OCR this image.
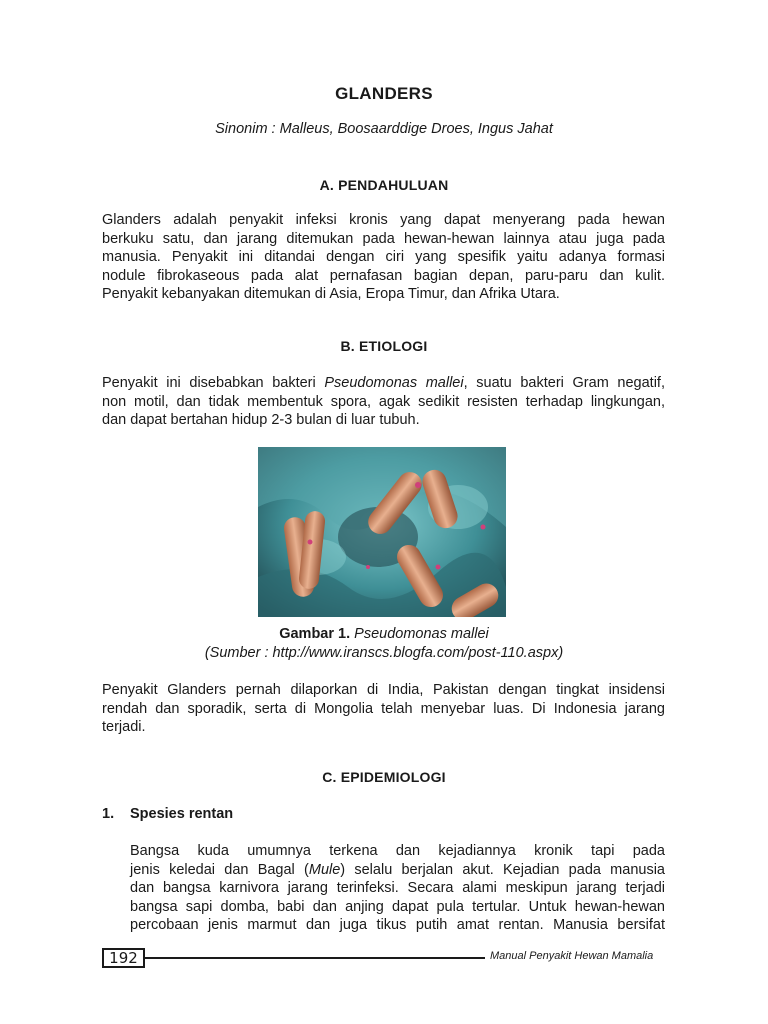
GLANDERS
Sinonim : Malleus, Boosaarddige Droes, Ingus Jahat
A. PENDAHULUAN
Glanders adalah penyakit infeksi kronis yang dapat menyerang pada hewan
berkuku satu, dan jarang ditemukan pada hewan-hewan lainnya atau juga pada
manusia. Penyakit ini ditandai dengan ciri yang spesifik yaitu adanya formasi
nodule fibrokaseous pada alat pernafasan bagian depan, paru-paru dan kulit.
Penyakit kebanyakan ditemukan di Asia, Eropa Timur, dan Afrika Utara.
B. ETIOLOGI
Penyakit ini disebabkan bakteri Pseudomonas mallei, suatu bakteri Gram negatif,
non motil, dan tidak membentuk spora, agak sedikit resisten terhadap lingkungan,
dan dapat bertahan hidup 2-3 bulan di luar tubuh.
Gambar 1. Pseudomonas mallei
(Sumber : http://www.iranscs.blogfa.com/post-110.aspx)
Penyakit Glanders pernah dilaporkan di India, Pakistan dengan tingkat insidensi
rendah dan sporadik, serta di Mongolia telah menyebar luas. Di Indonesia jarang
terjadi.
C. EPIDEMIOLOGI
1. Spesies rentan
Bangsa kuda umumnya terkena dan kejadiannya kronik tapi pada
jenis keledai dan Bagal (Mule) selalu berjalan akut. Kejadian pada manusia
dan bangsa karnivora jarang terinfeksi. Secara alami meskipun jarang terjadi
bangsa sapi domba, babi dan anjing dapat pula tertular. Untuk hewan-hewan
percobaan jenis marmut dan juga tikus putih amat rentan. Manusia bersifat
192	Manual Penyakit Hewan Mamalia
